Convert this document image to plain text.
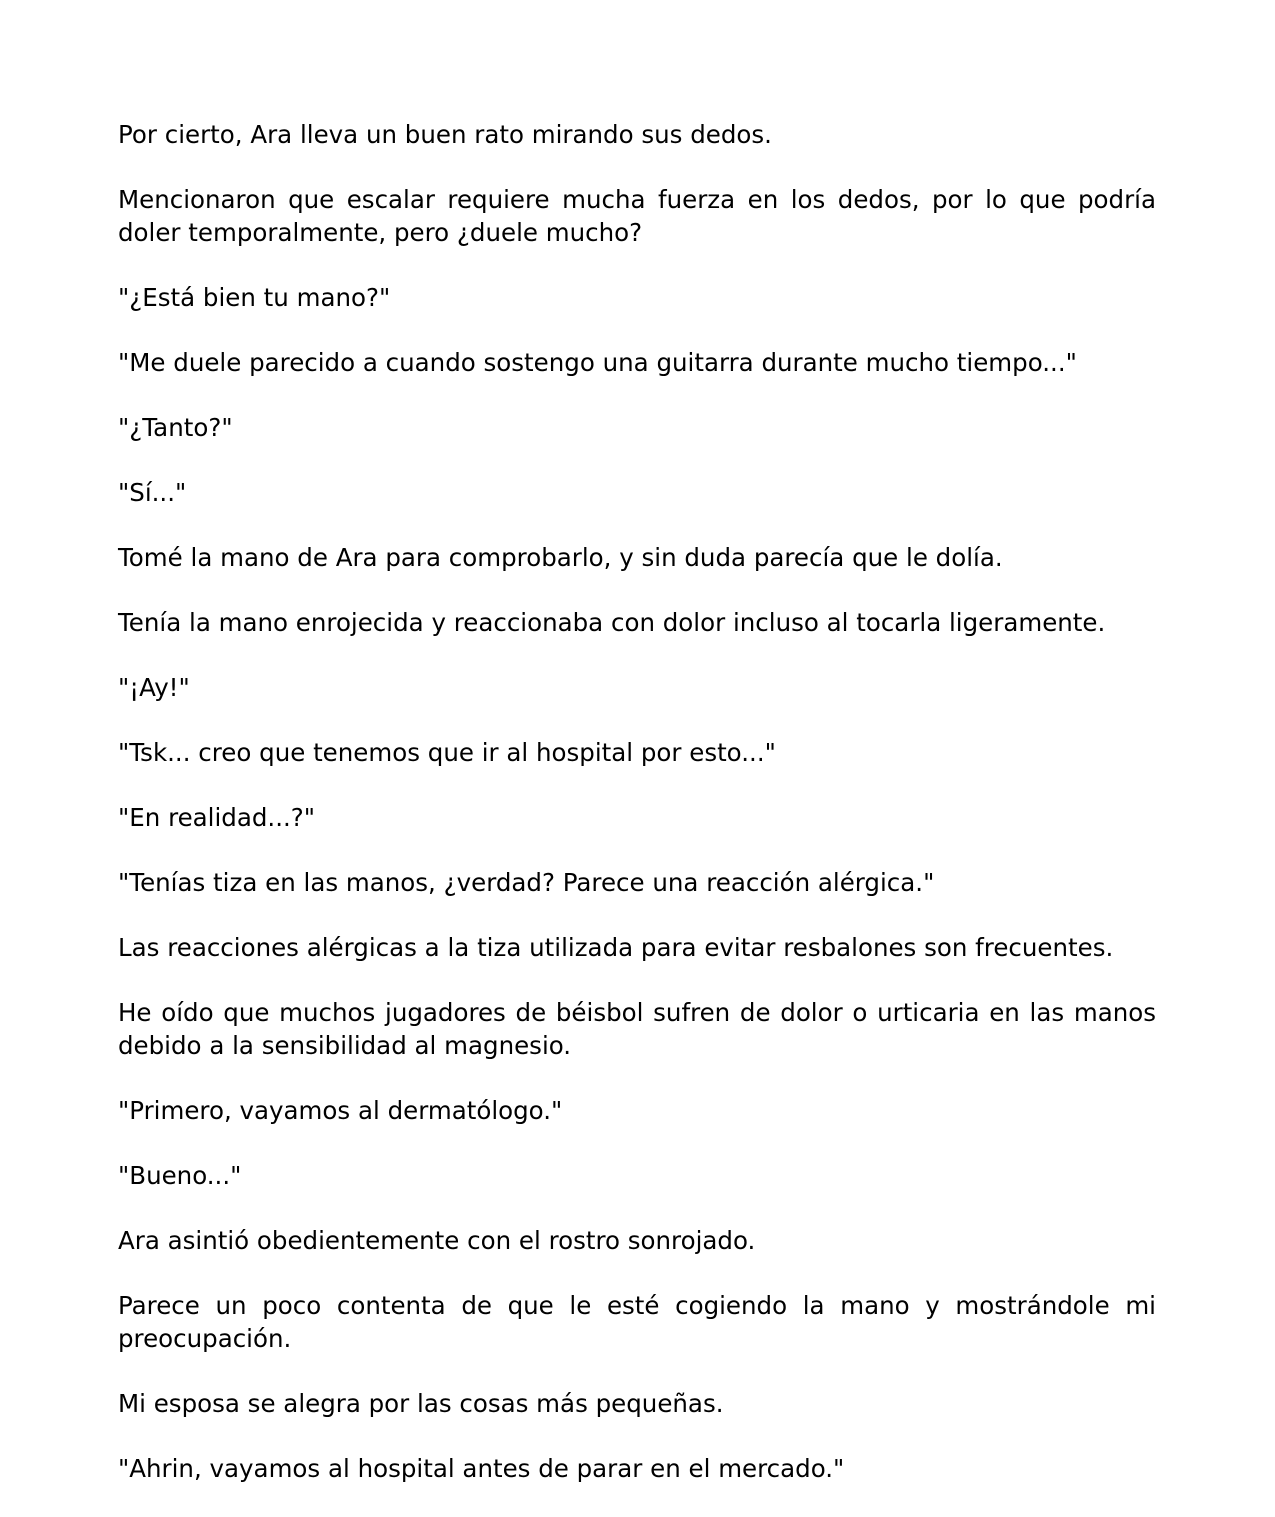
Por cierto, Ara lleva un buen rato mirando sus dedos.

Mencionaron que escalar requiere mucha fuerza en los dedos, por lo que podría doler temporalmente, pero ¿duele mucho?

"¿Está bien tu mano?"

"Me duele parecido a cuando sostengo una guitarra durante mucho tiempo..."

"¿Tanto?"

"Sí..."

Tomé la mano de Ara para comprobarlo, y sin duda parecía que le dolía.

Tenía la mano enrojecida y reaccionaba con dolor incluso al tocarla ligeramente.

"¡Ay!"

"Tsk... creo que tenemos que ir al hospital por esto..."

"En realidad...?"

"Tenías tiza en las manos, ¿verdad? Parece una reacción alérgica."

Las reacciones alérgicas a la tiza utilizada para evitar resbalones son frecuentes.

He oído que muchos jugadores de béisbol sufren de dolor o urticaria en las manos debido a la sensibilidad al magnesio.

"Primero, vayamos al dermatólogo."

"Bueno..."

Ara asintió obedientemente con el rostro sonrojado.

Parece un poco contenta de que le esté cogiendo la mano y mostrándole mi preocupación.

Mi esposa se alegra por las cosas más pequeñas.

"Ahrin, vayamos al hospital antes de parar en el mercado."
